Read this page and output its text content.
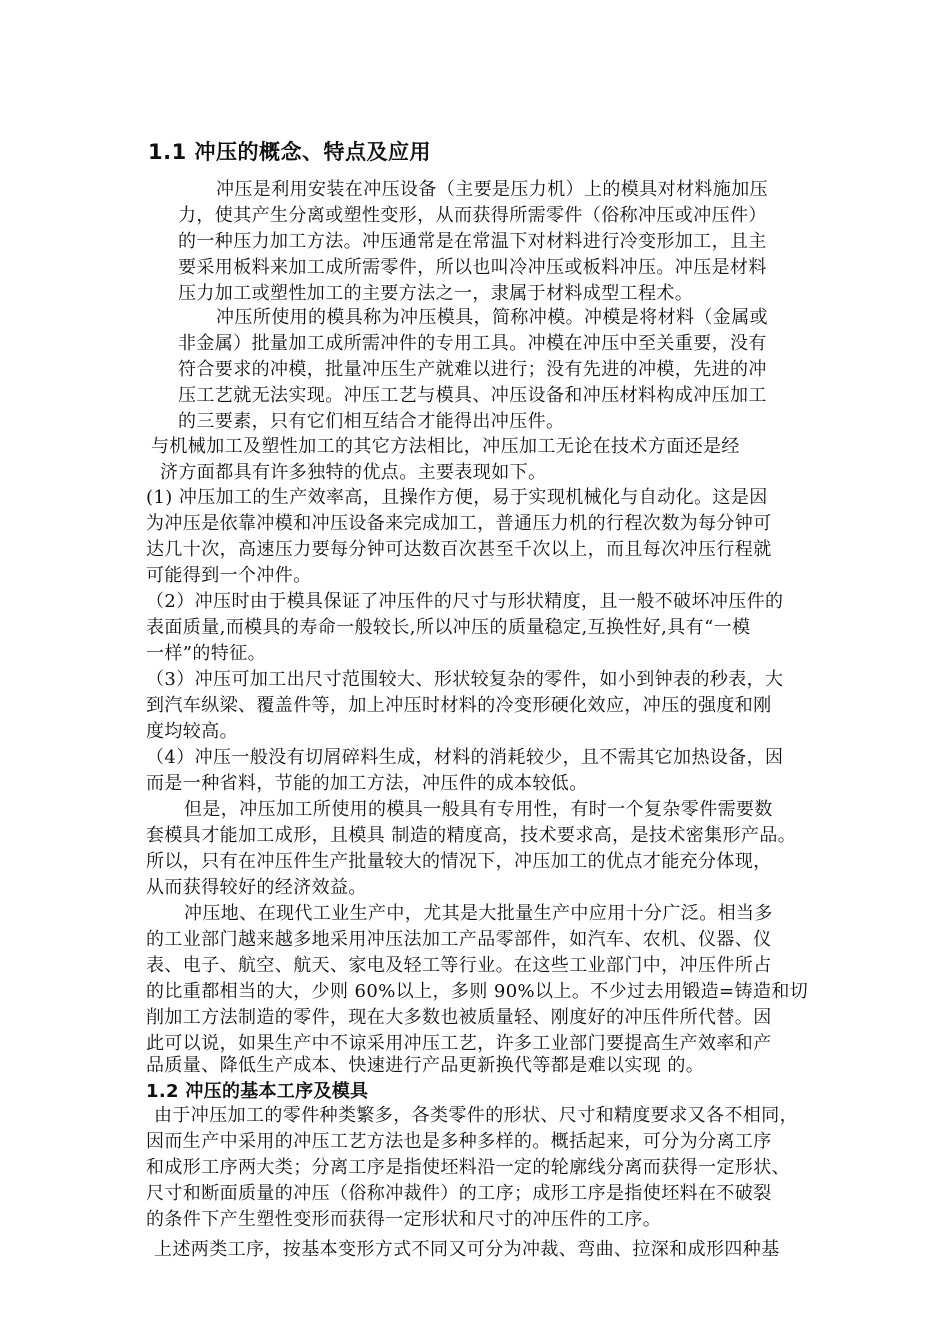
1.1 冲压的概念、特点及应用

冲压是利用安装在冲压设备（主要是压力机）上的模具对材料施加压

力，使其产生分离或塑性变形，从而获得所需零件（俗称冲压或冲压件）

的一种压力加工方法。冲压通常是在常温下对材料进行冷变形加工，且主

要采用板料来加工成所需零件，所以也叫冷冲压或板料冲压。冲压是材料

压力加工或塑性加工的主要方法之一，隶属于材料成型工程术。

冲压所使用的模具称为冲压模具，简称冲模。冲模是将材料（金属或

非金属）批量加工成所需冲件的专用工具。冲模在冲压中至关重要，没有

符合要求的冲模，批量冲压生产就难以进行；没有先进的冲模，先进的冲

压工艺就无法实现。冲压工艺与模具、冲压设备和冲压材料构成冲压加工

的三要素，只有它们相互结合才能得出冲压件。

与机械加工及塑性加工的其它方法相比，冲压加工无论在技术方面还是经

济方面都具有许多独特的优点。主要表现如下。

(1) 冲压加工的生产效率高，且操作方便，易于实现机械化与自动化。这是因

为冲压是依靠冲模和冲压设备来完成加工，普通压力机的行程次数为每分钟可

达几十次，高速压力要每分钟可达数百次甚至千次以上，而且每次冲压行程就

可能得到一个冲件。

（2）冲压时由于模具保证了冲压件的尺寸与形状精度，且一般不破坏冲压件的

表面质量,而模具的寿命一般较长,所以冲压的质量稳定,互换性好,具有“一模

一样”的特征。

（3）冲压可加工出尺寸范围较大、形状较复杂的零件，如小到钟表的秒表，大

到汽车纵梁、覆盖件等，加上冲压时材料的冷变形硬化效应，冲压的强度和刚

度均较高。

（4）冲压一般没有切屑碎料生成，材料的消耗较少，且不需其它加热设备，因

而是一种省料，节能的加工方法，冲压件的成本较低。

但是，冲压加工所使用的模具一般具有专用性，有时一个复杂零件需要数

套模具才能加工成形，且模具 制造的精度高，技术要求高，是技术密集形产品。

所以，只有在冲压件生产批量较大的情况下，冲压加工的优点才能充分体现，

从而获得较好的经济效益。

冲压地、在现代工业生产中，尤其是大批量生产中应用十分广泛。相当多

的工业部门越来越多地采用冲压法加工产品零部件，如汽车、农机、仪器、仪

表、电子、航空、航天、家电及轻工等行业。在这些工业部门中，冲压件所占

的比重都相当的大，少则 60%以上，多则 90%以上。不少过去用锻造=铸造和切

削加工方法制造的零件，现在大多数也被质量轻、刚度好的冲压件所代替。因

此可以说，如果生产中不谅采用冲压工艺，许多工业部门要提高生产效率和产

品质量、降低生产成本、快速进行产品更新换代等都是难以实现 的。

1.2 冲压的基本工序及模具

由于冲压加工的零件种类繁多，各类零件的形状、尺寸和精度要求又各不相同，

因而生产中采用的冲压工艺方法也是多种多样的。概括起来，可分为分离工序

和成形工序两大类；分离工序是指使坯料沿一定的轮廓线分离而获得一定形状、

尺寸和断面质量的冲压（俗称冲裁件）的工序；成形工序是指使坯料在不破裂

的条件下产生塑性变形而获得一定形状和尺寸的冲压件的工序。

上述两类工序，按基本变形方式不同又可分为冲裁、弯曲、拉深和成形四种基
